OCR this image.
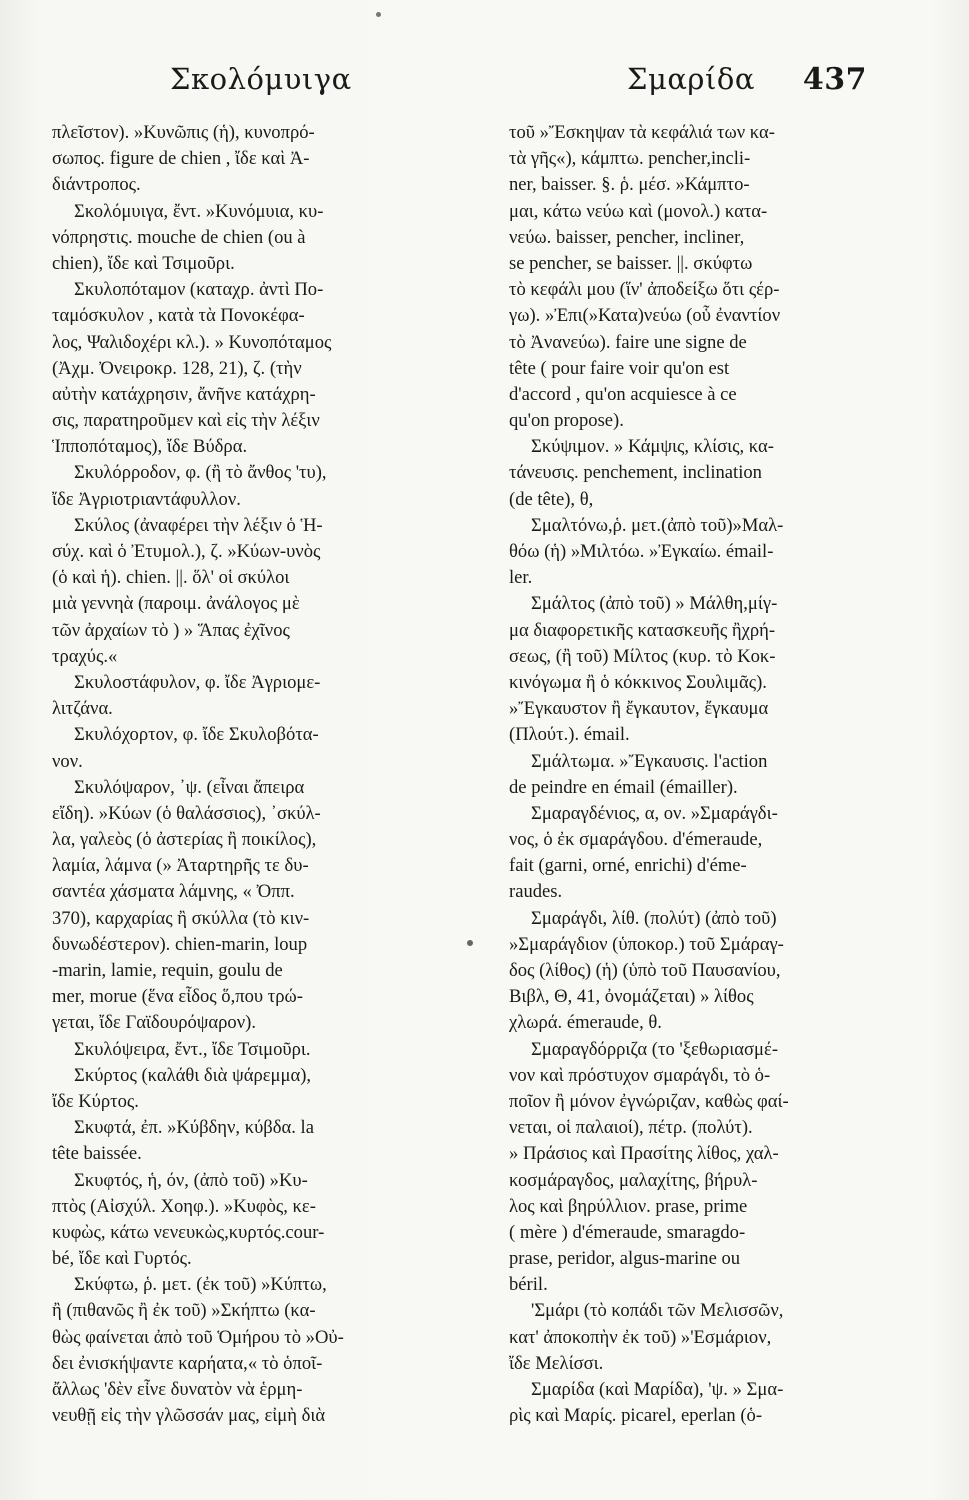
Σκολόμυιγα	Σμαρίδα 437
πλεῖστον). »Κυνῶπις (ἡ), κυνοπρό-
σωπος. figure de chien , ἴδε καὶ Ἀ-
διάντροπος.
Σκολόμυιγα, ἔντ. »Κυνόμυια, κυ-
νόπρηστις. mouche de chien (ou à
chien), ἴδε καὶ Τσιμοῦρι.
Σκυλοπόταμον (καταχρ. ἀντὶ Πο-
ταμόσκυλον , κατὰ τὰ Πονοκέφα-
λος, Ψαλιδοχέρι κλ.). » Κυνοπόταμος
(Ἀχμ. Ὀνειροκρ. 128, 21), ζ. (τὴν
αὐτὴν κατάχρησιν, ἄνῆνε κατάχρη-
σις, παρατηροῦμεν καὶ εἰς τὴν λέξιν
Ἱπποπόταμος), ἴδε Βύδρα.
Σκυλόρροδον, φ. (ἢ τὸ ἄνθος 'τυ),
ἴδε Ἀγριοτριαντάφυλλον.
Σκύλος (ἀναφέρει τὴν λέξιν ὁ Ἡ-
σύχ. καὶ ὁ Ἐτυμολ.), ζ. »Κύων-υνὸς
(ὁ καὶ ἡ). chien. ||. ὅλ' οἱ σκύλοι
μιὰ γεννηὰ (παροιμ. ἀνάλογος μὲ
τῶν ἀρχαίων τὸ ) » Ἅπας ἐχῖνος
τραχύς.«
Σκυλοστάφυλον, φ. ἴδε Ἀγριομε-
λιτζάνα.
Σκυλόχορτον, φ. ἴδε Σκυλοβότα-
νον.
Σκυλόψαρον, ᾽ψ. (εἶναι ἄπειρα
εἴδη). »Κύων (ὁ θαλάσσιος), ᾽σκύλ-
λα, γαλεὸς (ὁ ἀστερίας ἢ ποικίλος),
λαμία, λάμνα (» Ἀταρτηρῆς τε δυ-
σαντέα χάσματα λάμνης, « Ὀππ.
370), καρχαρίας ἢ σκύλλα (τὸ κιν-
δυνωδέστερον). chien-marin, loup
-marin, lamie, requin, goulu de
mer, morue (ἕνα εἶδος ὅ,που τρώ-
γεται, ἴδε Γαϊδουρόψαρον).
Σκυλόψειρα, ἔντ., ἴδε Τσιμοῦρι.
Σκύρτος (καλάθι διὰ ψάρεμμα),
ἴδε Κύρτος.
Σκυφτά, ἐπ. »Κύβδην, κύβδα. la
tête baissée.
Σκυφτός, ἡ, όν, (ἀπὸ τοῦ) »Κυ-
πτὸς (Αἰσχύλ. Χοηφ.). »Κυφὸς, κε-
κυφὼς, κάτω νενευκὼς,κυρτός.cour-
bé, ἴδε καὶ Γυρτός.
Σκύφτω, ῥ. μετ. (ἐκ τοῦ) »Κύπτω,
ἢ (πιθανῶς ἢ ἐκ τοῦ) »Σκήπτω (κα-
θὼς φαίνεται ἀπὸ τοῦ Ὁμήρου τὸ »Οὐ-
δει ἐνισκήψαντε καρήατα,« τὸ ὁποῖ-
ἄλλως 'δὲν εἶνε δυνατὸν νὰ ἑρμη-
νευθῇ εἰς τὴν γλῶσσάν μας, εἰμὴ διὰ
τοῦ »Ἔσκηψαν τὰ κεφάλιά των κα-
τὰ γῆς«), κάμπτω. pencher,incli-
ner, baisser. §. ῥ. μέσ. »Κάμπτο-
μαι, κάτω νεύω καὶ (μονολ.) κατα-
νεύω. baisser, pencher, incliner,
se pencher, se baisser. ||. σκύφτω
τὸ κεφάλι μου (ἵν' ἀποδείξω ὅτι ςέρ-
γω). »Ἐπι(»Κατα)νεύω (οὗ ἐναντίον
τὸ Ἀνανεύω). faire une signe de
tête ( pour faire voir qu'on est
d'accord , qu'on acquiesce à ce
qu'on propose).
Σκύψιμον. » Κάμψις, κλίσις, κα-
τάνευσις. penchement, inclination
(de tête), θ,
Σμαλτόνω,ῥ. μετ.(ἀπὸ τοῦ)»Μαλ-
θόω (ἡ) »Μιλτόω. »Ἐγκαίω. émail-
ler.
Σμάλτος (ἀπὸ τοῦ) » Μάλθη,μίγ-
μα διαφορετικῆς κατασκευῆς ἢχρή-
σεως, (ἢ τοῦ) Μίλτος (κυρ. τὸ Κοκ-
κινόγωμα ἢ ὁ κόκκινος Σουλιμᾶς).
»Ἔγκαυστον ἢ ἔγκαυτον, ἔγκαυμα
(Πλούτ.). émail.
Σμάλτωμα. »Ἔγκαυσις. l'action
de peindre en émail (émailler).
Σμαραγδένιος, α, ον. »Σμαράγδι-
νος, ὁ ἐκ σμαράγδου. d'émeraude,
fait (garni, orné, enrichi) d'éme-
raudes.
Σμαράγδι, λίθ. (πολύτ) (ἀπὸ τοῦ)
»Σμαράγδιον (ὑποκορ.) τοῦ Σμάραγ-
δος (λίθος) (ἡ) (ὑπὸ τοῦ Παυσανίου,
Βιβλ, Θ, 41, ὀνομάζεται) » λίθος
χλωρά. émeraude, θ.
Σμαραγδόρριζα (το 'ξεθωριασμέ-
νον καὶ πρόστυχον σμαράγδι, τὸ ὁ-
ποῖον ἢ μόνον ἐγνώριζαν, καθὼς φαί-
νεται, οἱ παλαιοί), πέτρ. (πολύτ).
» Πράσιος καὶ Πρασίτης λίθος, χαλ-
κοσμάραγδος, μαλαχίτης, βήρυλ-
λος καὶ βηρύλλιον. prase, prime
( mère ) d'émeraude, smaragdo-
prase, peridor, algus-marine ou
béril.
'Σμάρι (τὸ κοπάδι τῶν Μελισσῶν,
κατ' ἀποκοπὴν ἐκ τοῦ) »'Εσμάριον,
ἴδε Μελίσσι.
Σμαρίδα (καὶ Μαρίδα), 'ψ. » Σμα-
ρὶς καὶ Μαρίς. picarel, eperlan (ὁ-
